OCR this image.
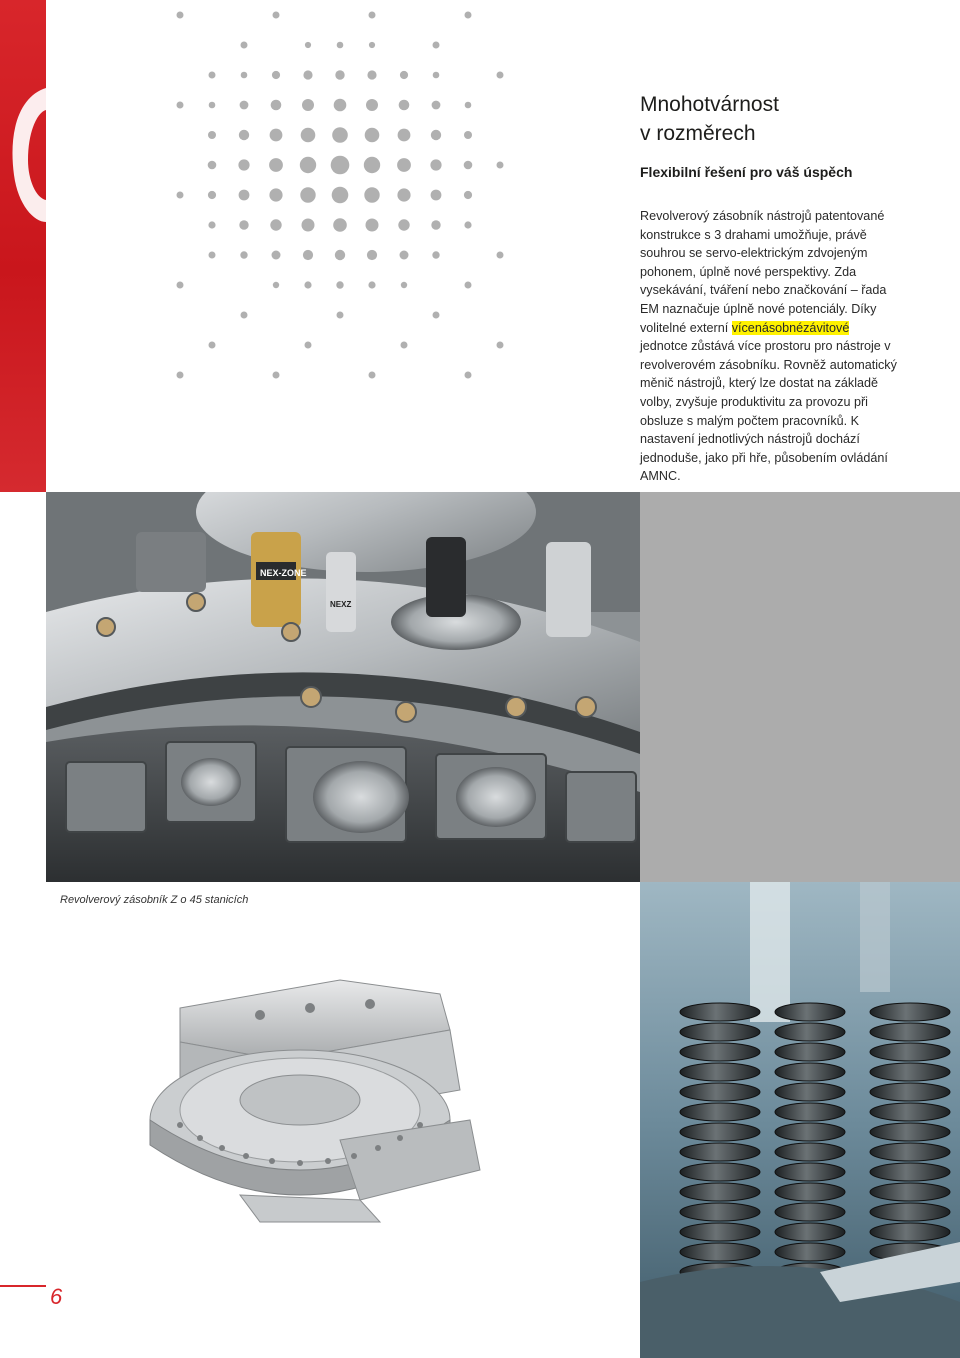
Mnohotvárnost
v rozměrech
Flexibilní řešení pro váš úspěch

Revolverový zásobník nástrojů patentované konstrukce s 3 drahami umožňuje, právě souhrou se servo-elektrickým zdvojeným pohonem, úplně nové perspektivy. Zda vysekávání, tváření nebo značkování – řada EM naznačuje úplně nové potenciály. Díky volitelné externí vícenásobnézávitové jednotce zůstává více prostoru pro nástroje v revolverovém zásobníku. Rovněž automatický měnič nástrojů, který lze dostat na základě volby, zvyšuje produktivitu za provozu při obsluze s malým počtem pracovníků. K nastavení jednotlivých nástrojů dochází jednoduše, jako při hře, působením ovládání AMNC.

NEX-ZONE
NEXZ

Revolverový zásobník Z o 45 stanicích

6
